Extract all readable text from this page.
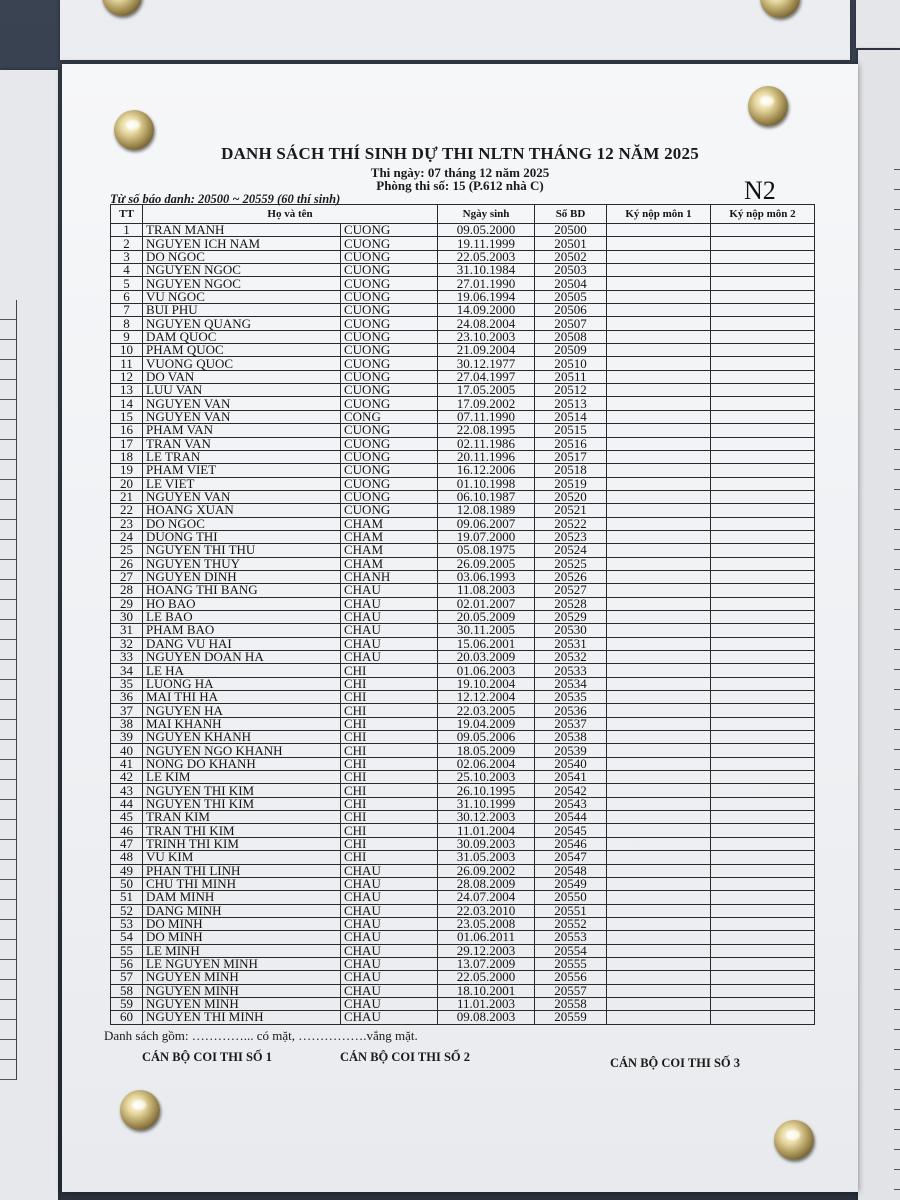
DANH SÁCH THÍ SINH DỰ THI NLTN THÁNG 12 NĂM 2025
Thi ngày: 07 tháng 12 năm 2025
Phòng thi số: 15 (P.612 nhà C)
Từ số báo danh: 20500 ~ 20559 (60 thí sinh)	N2
TT	Họ và tên		Ngày sinh	Số BD	Ký nộp môn 1	Ký nộp môn 2
1	TRAN MANH	CUONG	09.05.2000	20500		
2	NGUYEN ICH NAM	CUONG	19.11.1999	20501		
3	DO NGOC	CUONG	22.05.2003	20502		
4	NGUYEN NGOC	CUONG	31.10.1984	20503		
5	NGUYEN NGOC	CUONG	27.01.1990	20504		
6	VU NGOC	CUONG	19.06.1994	20505		
7	BUI PHU	CUONG	14.09.2000	20506		
8	NGUYEN QUANG	CUONG	24.08.2004	20507		
9	DAM QUOC	CUONG	23.10.2003	20508		
10	PHAM QUOC	CUONG	21.09.2004	20509		
11	VUONG QUOC	CUONG	30.12.1977	20510		
12	DO VAN	CUONG	27.04.1997	20511		
13	LUU VAN	CUONG	17.05.2005	20512		
14	NGUYEN VAN	CUONG	17.09.2002	20513		
15	NGUYEN VAN	CONG	07.11.1990	20514		
16	PHAM VAN	CUONG	22.08.1995	20515		
17	TRAN VAN	CUONG	02.11.1986	20516		
18	LE TRAN	CUONG	20.11.1996	20517		
19	PHAM VIET	CUONG	16.12.2006	20518		
20	LE VIET	CUONG	01.10.1998	20519		
21	NGUYEN VAN	CUONG	06.10.1987	20520		
22	HOANG XUAN	CUONG	12.08.1989	20521		
23	DO NGOC	CHAM	09.06.2007	20522		
24	DUONG THI	CHAM	19.07.2000	20523		
25	NGUYEN THI THU	CHAM	05.08.1975	20524		
26	NGUYEN THUY	CHAM	26.09.2005	20525		
27	NGUYEN DINH	CHANH	03.06.1993	20526		
28	HOANG THI BANG	CHAU	11.08.2003	20527		
29	HO BAO	CHAU	02.01.2007	20528		
30	LE BAO	CHAU	20.05.2009	20529		
31	PHAM BAO	CHAU	30.11.2005	20530		
32	DANG VU HAI	CHAU	15.06.2001	20531		
33	NGUYEN DOAN HA	CHAU	20.03.2009	20532		
34	LE HA	CHI	01.06.2003	20533		
35	LUONG HA	CHI	19.10.2004	20534		
36	MAI THI HA	CHI	12.12.2004	20535		
37	NGUYEN HA	CHI	22.03.2005	20536		
38	MAI KHANH	CHI	19.04.2009	20537		
39	NGUYEN KHANH	CHI	09.05.2006	20538		
40	NGUYEN NGO KHANH	CHI	18.05.2009	20539		
41	NONG DO KHANH	CHI	02.06.2004	20540		
42	LE KIM	CHI	25.10.2003	20541		
43	NGUYEN THI KIM	CHI	26.10.1995	20542		
44	NGUYEN THI KIM	CHI	31.10.1999	20543		
45	TRAN KIM	CHI	30.12.2003	20544		
46	TRAN THI KIM	CHI	11.01.2004	20545		
47	TRINH THI KIM	CHI	30.09.2003	20546		
48	VU KIM	CHI	31.05.2003	20547		
49	PHAN THI LINH	CHAU	26.09.2002	20548		
50	CHU THI MINH	CHAU	28.08.2009	20549		
51	DAM MINH	CHAU	24.07.2004	20550		
52	DANG MINH	CHAU	22.03.2010	20551		
53	DO MINH	CHAU	23.05.2008	20552		
54	DO MINH	CHAU	01.06.2011	20553		
55	LE MINH	CHAU	29.12.2003	20554		
56	LE NGUYEN MINH	CHAU	13.07.2009	20555		
57	NGUYEN MINH	CHAU	22.05.2000	20556		
58	NGUYEN MINH	CHAU	18.10.2001	20557		
59	NGUYEN MINH	CHAU	11.01.2003	20558		
60	NGUYEN THI MINH	CHAU	09.08.2003	20559		
Danh sách gồm: …………... có mặt, …………….vắng mặt.
CÁN BỘ COI THI SỐ 1	CÁN BỘ COI THI SỐ 2	CÁN BỘ COI THI SỐ 3
